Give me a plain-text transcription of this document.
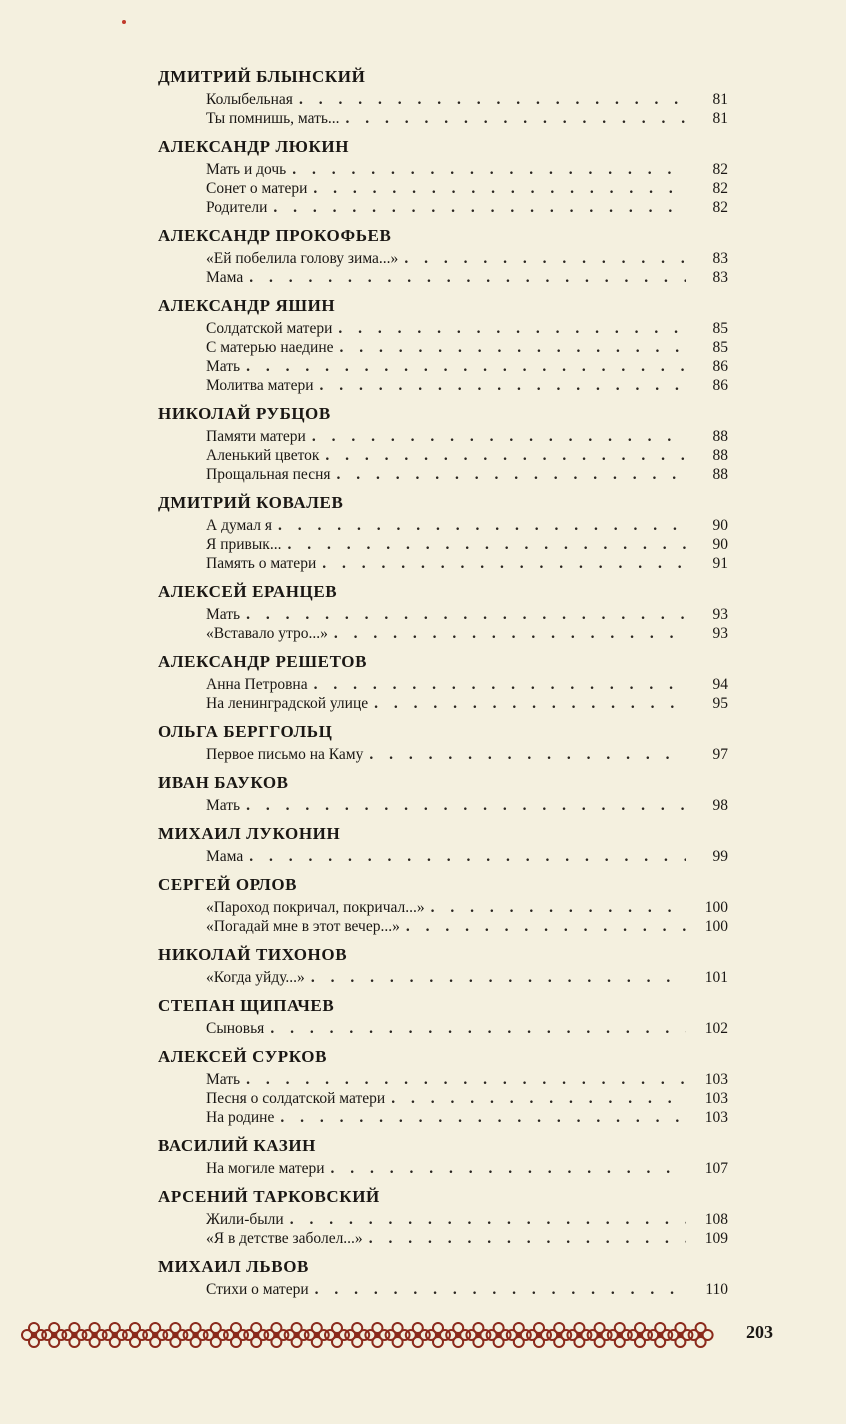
ДМИТРИЙ БЛЫНСКИЙ
Колыбельная . . .	81
Ты помнишь, мать... . . .	81
АЛЕКСАНДР ЛЮКИН
Мать и дочь . . .	82
Сонет о матери . . .	82
Родители . . .	82
АЛЕКСАНДР ПРОКОФЬЕВ
«Ей побелила голову зима...» . . .	83
Мама . . .	83
АЛЕКСАНДР ЯШИН
Солдатской матери . . .	85
С матерью наедине . . .	85
Мать . . .	86
Молитва матери . . .	86
НИКОЛАЙ РУБЦОВ
Памяти матери . . .	88
Аленький цветок . . .	88
Прощальная песня . . .	88
ДМИТРИЙ КОВАЛЕВ
А думал я . . .	90
Я привык... . . .	90
Память о матери . . .	91
АЛЕКСЕЙ ЕРАНЦЕВ
Мать . . .	93
«Вставало утро...» . . .	93
АЛЕКСАНДР РЕШЕТОВ
Анна Петровна . . .	94
На ленинградской улице . . .	95
ОЛЬГА БЕРГГОЛЬЦ
Первое письмо на Каму . . .	97
ИВАН БАУКОВ
Мать . . .	98
МИХАИЛ ЛУКОНИН
Мама . . .	99
СЕРГЕЙ ОРЛОВ
«Пароход покричал, покричал...» . . .	100
«Погадай мне в этот вечер...» . . .	100
НИКОЛАЙ ТИХОНОВ
«Когда уйду...» . . .	101
СТЕПАН ЩИПАЧЕВ
Сыновья . . .	102
АЛЕКСЕЙ СУРКОВ
Мать . . .	103
Песня о солдатской матери . . .	103
На родине . . .	103
ВАСИЛИЙ КАЗИН
На могиле матери . . .	107
АРСЕНИЙ ТАРКОВСКИЙ
Жили-были . . .	108
«Я в детстве заболел...» . . .	109
МИХАИЛ ЛЬВОВ
Стихи о матери . . .	110
203
